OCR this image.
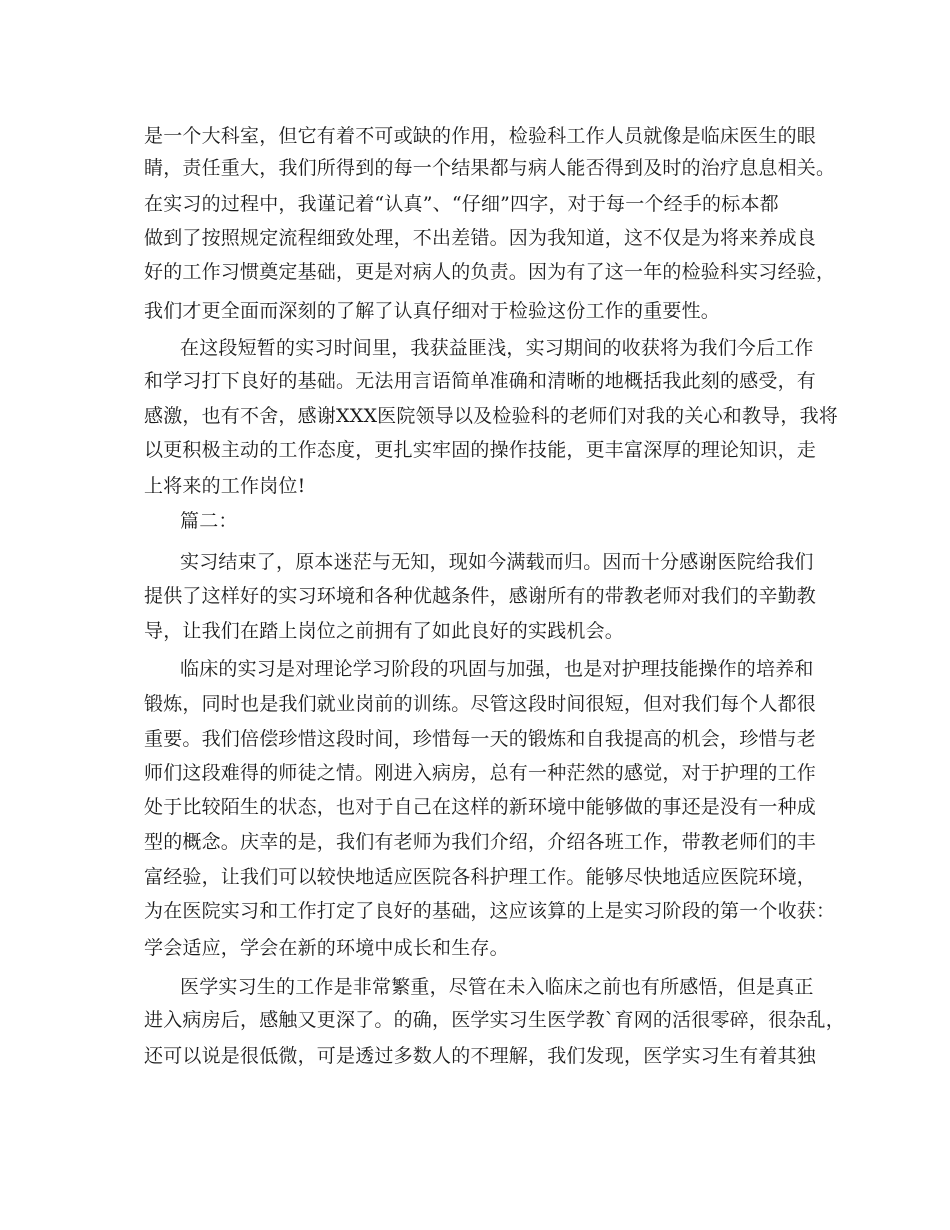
是一个大科室，但它有着不可或缺的作用，检验科工作人员就像是临床医生的眼
睛，责任重大，我们所得到的每一个结果都与病人能否得到及时的治疗息息相关。
在实习的过程中，我谨记着“认真”、“仔细”四字，对于每一个经手的标本都
做到了按照规定流程细致处理，不出差错。因为我知道，这不仅是为将来养成良
好的工作习惯奠定基础，更是对病人的负责。因为有了这一年的检验科实习经验，
我们才更全面而深刻的了解了认真仔细对于检验这份工作的重要性。
在这段短暂的实习时间里，我获益匪浅，实习期间的收获将为我们今后工作
和学习打下良好的基础。无法用言语简单准确和清晰的地概括我此刻的感受，有
感激，也有不舍，感谢XXX医院领导以及检验科的老师们对我的关心和教导，我将
以更积极主动的工作态度，更扎实牢固的操作技能，更丰富深厚的理论知识，走
上将来的工作岗位!
篇二：
实习结束了，原本迷茫与无知，现如今满载而归。因而十分感谢医院给我们
提供了这样好的实习环境和各种优越条件，感谢所有的带教老师对我们的辛勤教
导，让我们在踏上岗位之前拥有了如此良好的实践机会。
临床的实习是对理论学习阶段的巩固与加强，也是对护理技能操作的培养和
锻炼，同时也是我们就业岗前的训练。尽管这段时间很短，但对我们每个人都很
重要。我们倍偿珍惜这段时间，珍惜每一天的锻炼和自我提高的机会，珍惜与老
师们这段难得的师徒之情。刚进入病房，总有一种茫然的感觉，对于护理的工作
处于比较陌生的状态，也对于自己在这样的新环境中能够做的事还是没有一种成
型的概念。庆幸的是，我们有老师为我们介绍，介绍各班工作，带教老师们的丰
富经验，让我们可以较快地适应医院各科护理工作。能够尽快地适应医院环境，
为在医院实习和工作打定了良好的基础，这应该算的上是实习阶段的第一个收获：
学会适应，学会在新的环境中成长和生存。
医学实习生的工作是非常繁重，尽管在未入临床之前也有所感悟，但是真正
进入病房后，感触又更深了。的确，医学实习生医学教`育网的活很零碎，很杂乱，
还可以说是很低微，可是透过多数人的不理解，我们发现，医学实习生有着其独
